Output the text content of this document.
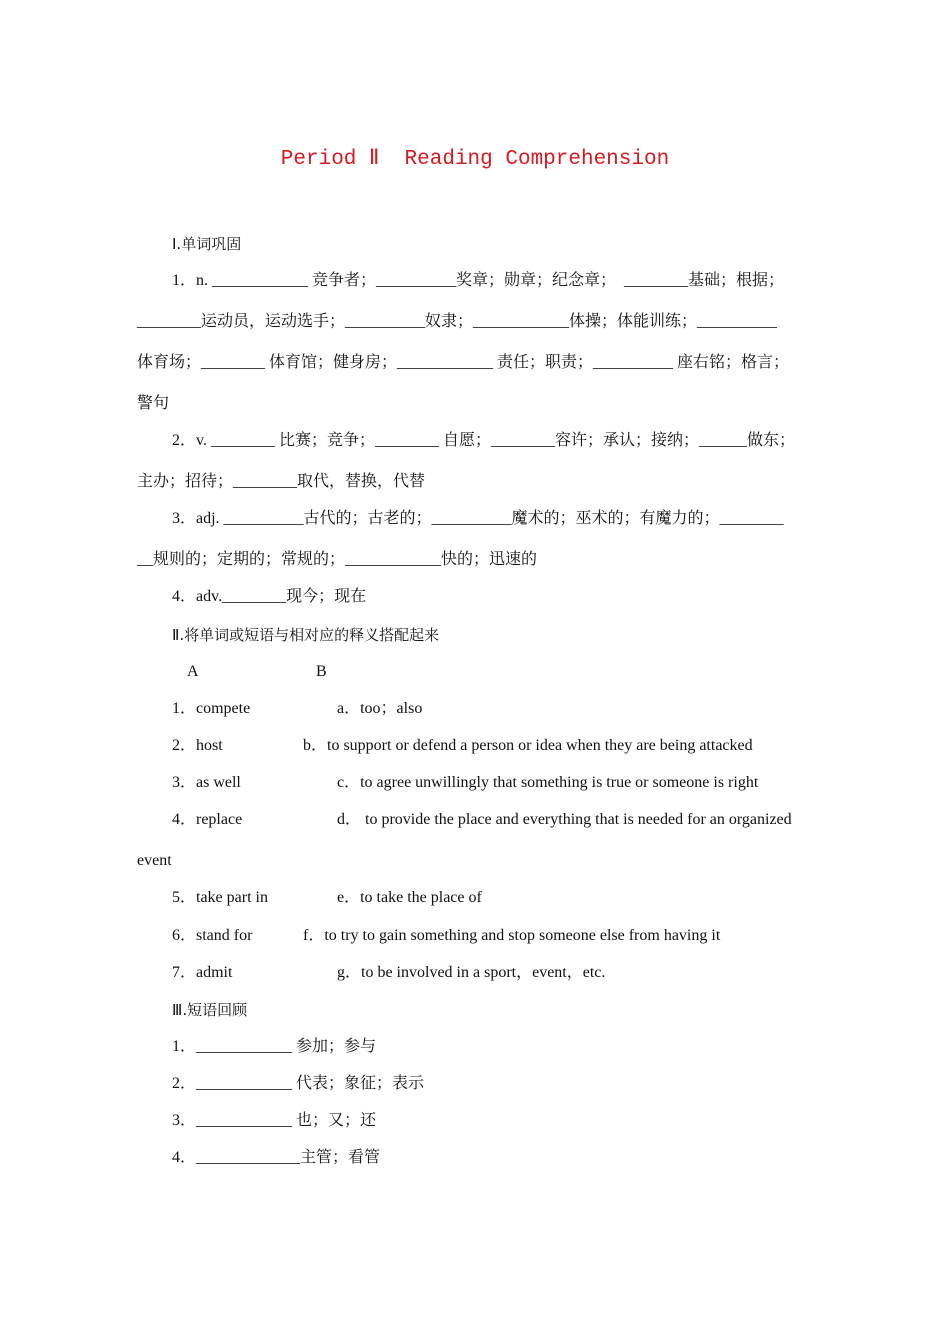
Period Ⅱ  Reading Comprehension
Ⅰ.单词巩固
1．n. ____________ 竞争者；__________奖章；勋章；纪念章；  ________基础；根据；
________运动员，运动选手；__________奴隶；____________体操；体能训练；__________
体育场；________ 体育馆；健身房；____________ 责任；职责；__________ 座右铭；格言；
警句
2．v. ________ 比赛；竞争；________ 自愿；________容许；承认；接纳；______做东；
主办；招待；________取代，替换，代替
3．adj. __________古代的；古老的；__________魔术的；巫术的；有魔力的；________
__规则的；定期的；常规的；____________快的；迅速的
4．adv.________现今；现在
Ⅱ.将单词或短语与相对应的释义搭配起来
A	B
1．compete	a．too；also
2．host	b．to support or defend a person or idea when they are being attacked
3．as well	c．to agree unwillingly that something is true or someone is right
4．replace	d． to provide the place and everything that is needed for an organized
event
5．take part in	e．to take the place of
6．stand for	f．to try to gain something and stop someone else from having it
7．admit	g．to be involved in a sport，event，etc.
Ⅲ.短语回顾
1．____________ 参加；参与
2．____________ 代表；象征；表示
3．____________ 也；又；还
4．_____________主管；看管
